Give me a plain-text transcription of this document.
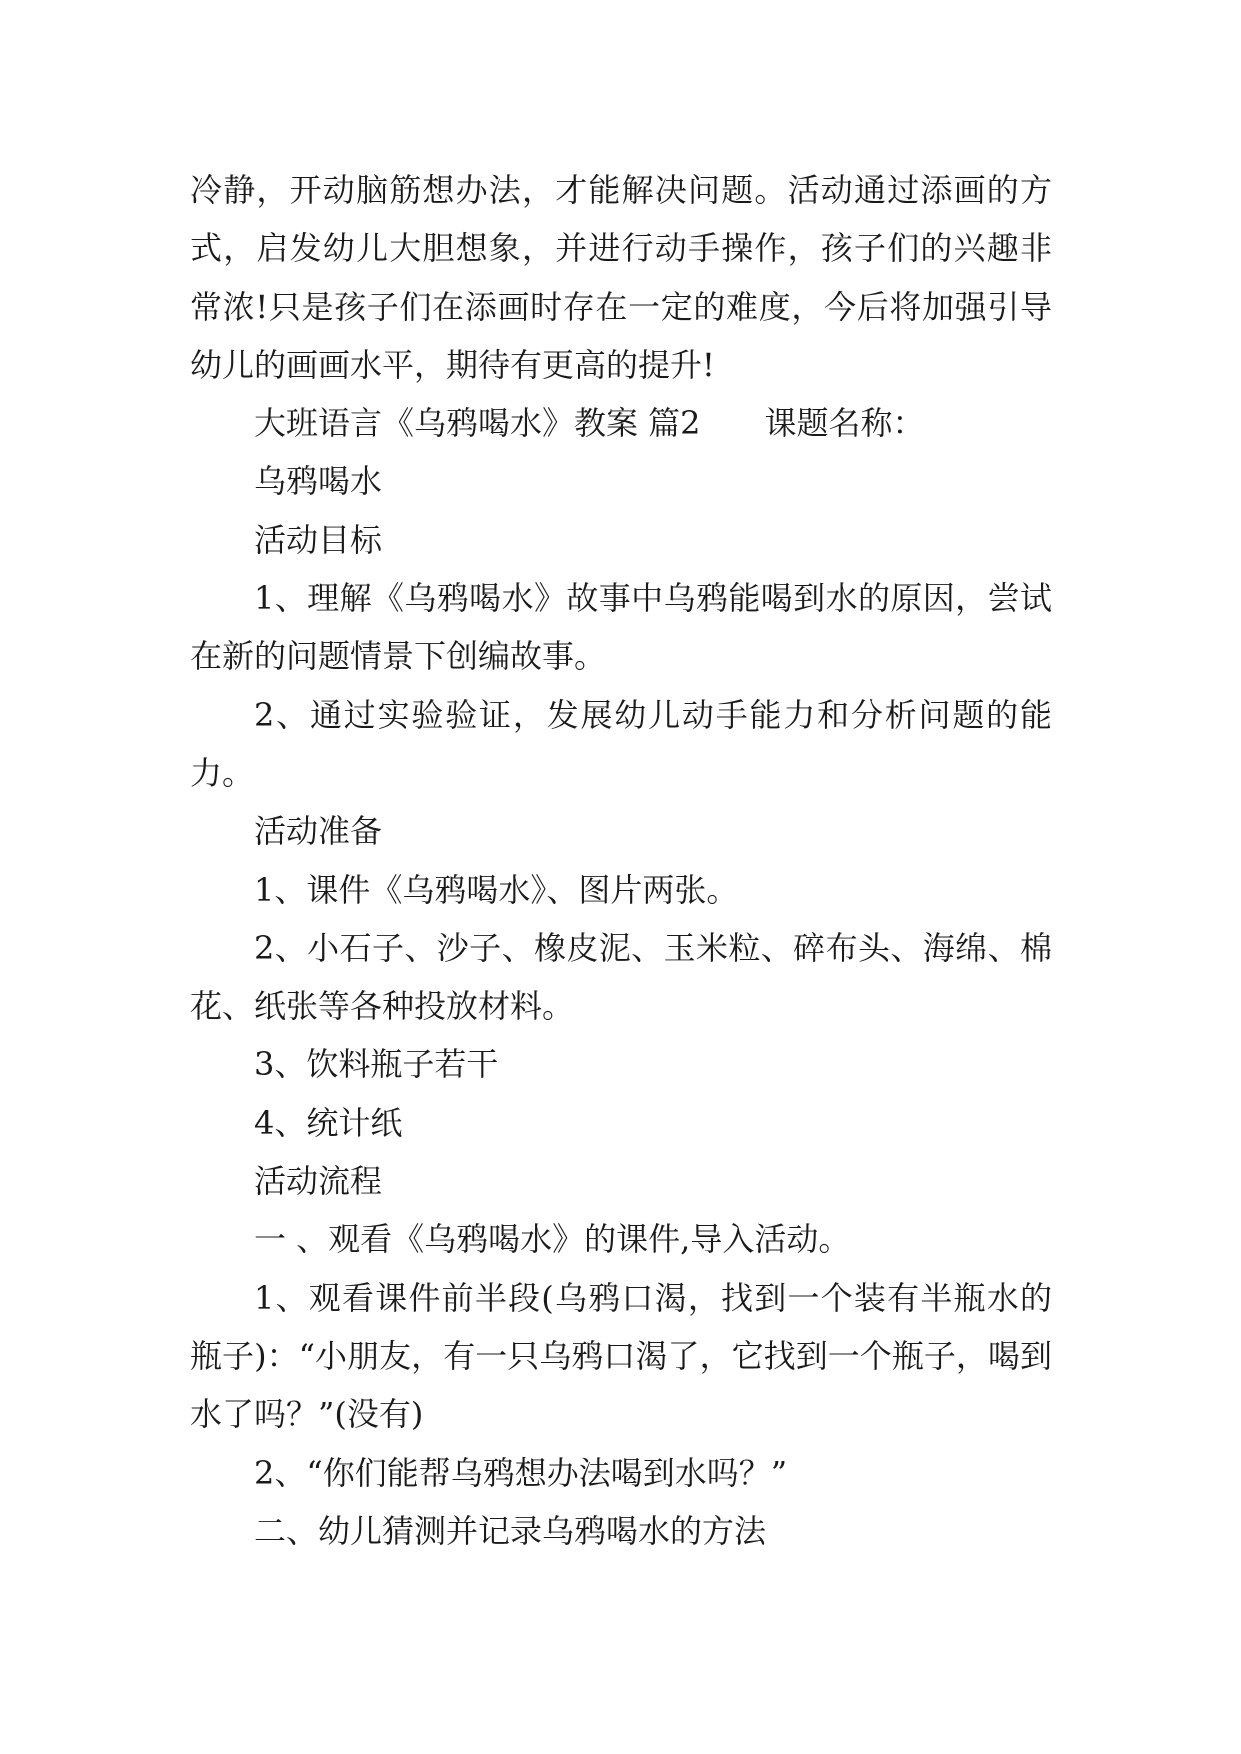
冷静，开动脑筋想办法，才能解决问题。活动通过添画的方式，启发幼儿大胆想象，并进行动手操作，孩子们的兴趣非常浓!只是孩子们在添画时存在一定的难度，今后将加强引导幼儿的画画水平，期待有更高的提升!

大班语言《乌鸦喝水》教案 篇2 课题名称：

乌鸦喝水

活动目标

1、理解《乌鸦喝水》故事中乌鸦能喝到水的原因，尝试在新的问题情景下创编故事。

2、通过实验验证，发展幼儿动手能力和分析问题的能力。

活动准备

1、课件《乌鸦喝水》、图片两张。

2、小石子、沙子、橡皮泥、玉米粒、碎布头、海绵、棉花、纸张等各种投放材料。

3、饮料瓶子若干

4、统计纸

活动流程

一 、观看《乌鸦喝水》的课件,导入活动。

1、观看课件前半段(乌鸦口渴，找到一个装有半瓶水的瓶子)：“小朋友，有一只乌鸦口渴了，它找到一个瓶子，喝到水了吗？”(没有)

2、“你们能帮乌鸦想办法喝到水吗？”

二、幼儿猜测并记录乌鸦喝水的方法
